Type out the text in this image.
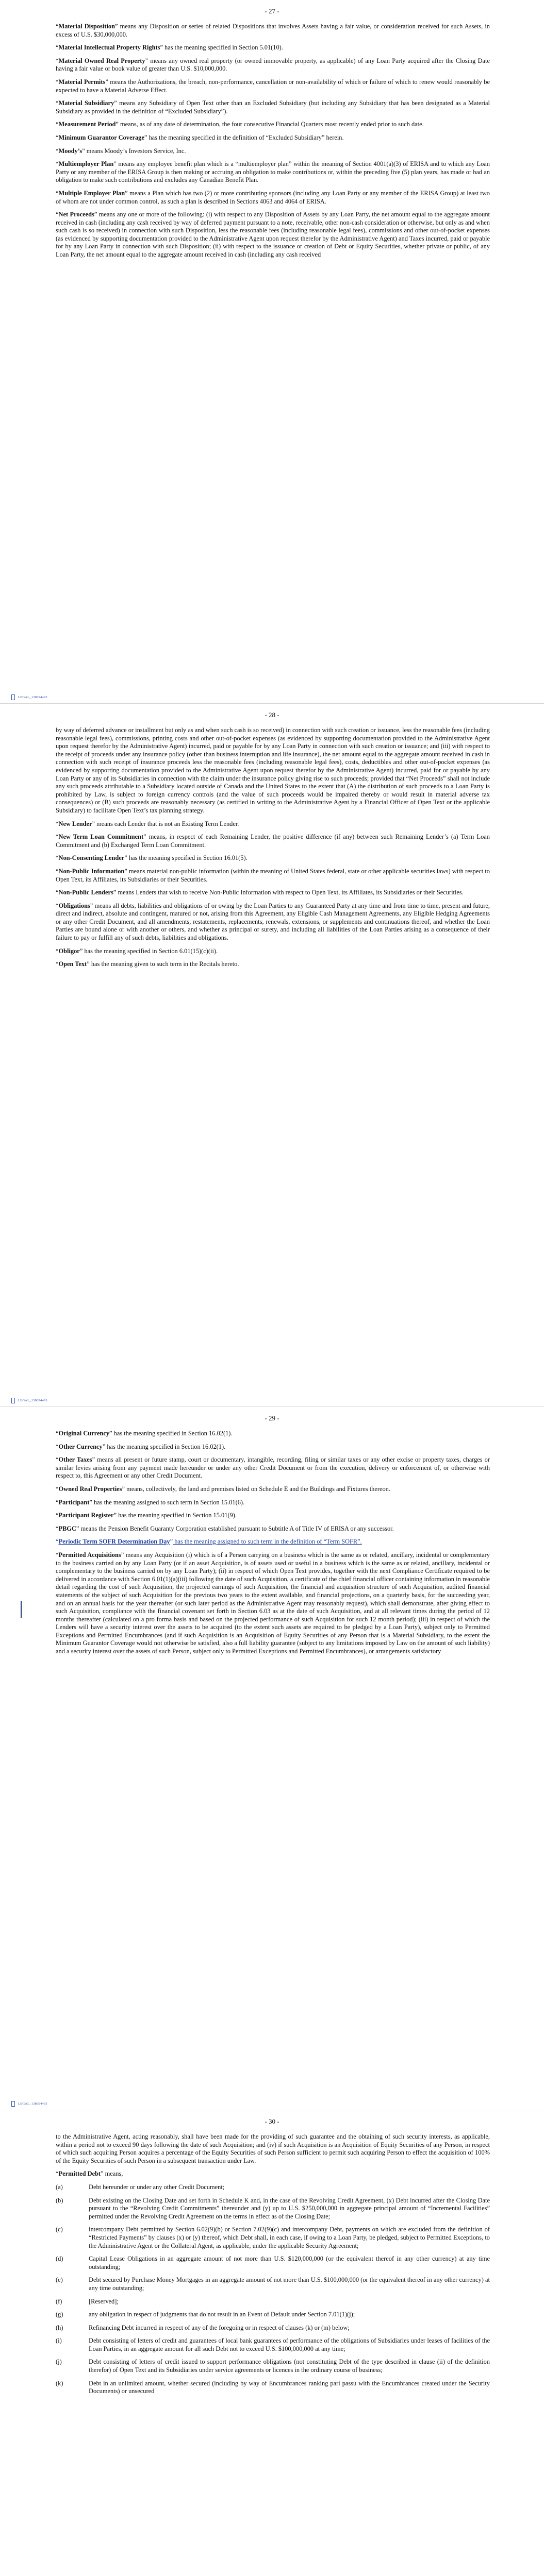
- 27 -

“Material Disposition” means any Disposition or series of related Dispositions that involves Assets having a fair value, or consideration received for such Assets, in excess of U.S. $30,000,000.

“Material Intellectual Property Rights” has the meaning specified in Section 5.01(10).

“Material Owned Real Property” means any owned real property (or owned immovable property, as applicable) of any Loan Party acquired after the Closing Date having a fair value or book value of greater than U.S. $10,000,000.

“Material Permits” means the Authorizations, the breach, non-performance, cancellation or non-availability of which or failure of which to renew would reasonably be expected to have a Material Adverse Effect.

“Material Subsidiary” means any Subsidiary of Open Text other than an Excluded Subsidiary (but including any Subsidiary that has been designated as a Material Subsidiary as provided in the definition of “Excluded Subsidiary”).

“Measurement Period” means, as of any date of determination, the four consecutive Financial Quarters most recently ended prior to such date.

“Minimum Guarantor Coverage” has the meaning specified in the definition of “Excluded Subsidiary” herein.

“Moody’s” means Moody’s Investors Service, Inc.

“Multiemployer Plan” means any employee benefit plan which is a “multiemployer plan” within the meaning of Section 4001(a)(3) of ERISA and to which any Loan Party or any member of the ERISA Group is then making or accruing an obligation to make contributions or, within the preceding five (5) plan years, has made or had an obligation to make such contributions and excludes any Canadian Benefit Plan.

“Multiple Employer Plan” means a Plan which has two (2) or more contributing sponsors (including any Loan Party or any member of the ERISA Group) at least two of whom are not under common control, as such a plan is described in Sections 4063 and 4064 of ERISA.

“Net Proceeds” means any one or more of the following: (i) with respect to any Disposition of Assets by any Loan Party, the net amount equal to the aggregate amount received in cash (including any cash received by way of deferred payment pursuant to a note, receivable, other non-cash consideration or otherwise, but only as and when such cash is so received) in connection with such Disposition, less the reasonable fees (including reasonable legal fees), commissions and other out-of-pocket expenses (as evidenced by supporting documentation provided to the Administrative Agent upon request therefor by the Administrative Agent) and Taxes incurred, paid or payable for by any Loan Party in connection with such Disposition; (ii) with respect to the issuance or creation of Debt or Equity Securities, whether private or public, of any Loan Party, the net amount equal to the aggregate amount received in cash (including any cash received

LEGAL_138694493
- 28 -

by way of deferred advance or installment but only as and when such cash is so received) in connection with such creation or issuance, less the reasonable fees (including reasonable legal fees), commissions, printing costs and other out-of-pocket expenses (as evidenced by supporting documentation provided to the Administrative Agent upon request therefor by the Administrative Agent) incurred, paid or payable for by any Loan Party in connection with such creation or issuance; and (iii) with respect to the receipt of proceeds under any insurance policy (other than business interruption and life insurance), the net amount equal to the aggregate amount received in cash in connection with such receipt of insurance proceeds less the reasonable fees (including reasonable legal fees), costs, deductibles and other out-of-pocket expenses (as evidenced by supporting documentation provided to the Administrative Agent upon request therefor by the Administrative Agent) incurred, paid for or payable by any Loan Party or any of its Subsidiaries in connection with the claim under the insurance policy giving rise to such proceeds; provided that “Net Proceeds” shall not include any such proceeds attributable to a Subsidiary located outside of Canada and the United States to the extent that (A) the distribution of such proceeds to a Loan Party is prohibited by Law, is subject to foreign currency controls (and the value of such proceeds would be impaired thereby or would result in material adverse tax consequences) or (B) such proceeds are reasonably necessary (as certified in writing to the Administrative Agent by a Financial Officer of Open Text or the applicable Subsidiary) to facilitate Open Text’s tax planning strategy.

“New Lender” means each Lender that is not an Existing Term Lender.

“New Term Loan Commitment” means, in respect of each Remaining Lender, the positive difference (if any) between such Remaining Lender’s (a) Term Loan Commitment and (b) Exchanged Term Loan Commitment.

“Non-Consenting Lender” has the meaning specified in Section 16.01(5).

“Non-Public Information” means material non-public information (within the meaning of United States federal, state or other applicable securities laws) with respect to Open Text, its Affiliates, its Subsidiaries or their Securities.

“Non-Public Lenders” means Lenders that wish to receive Non-Public Information with respect to Open Text, its Affiliates, its Subsidiaries or their Securities.

“Obligations” means all debts, liabilities and obligations of or owing by the Loan Parties to any Guaranteed Party at any time and from time to time, present and future, direct and indirect, absolute and contingent, matured or not, arising from this Agreement, any Eligible Cash Management Agreements, any Eligible Hedging Agreements or any other Credit Document, and all amendments, restatements, replacements, renewals, extensions, or supplements and continuations thereof, and whether the Loan Parties are bound alone or with another or others, and whether as principal or surety, and including all liabilities of the Loan Parties arising as a consequence of their failure to pay or fulfill any of such debts, liabilities and obligations.

“Obligor” has the meaning specified in Section 6.01(15)(c)(ii).

“Open Text” has the meaning given to such term in the Recitals hereto.

LEGAL_138694493
- 29 -

“Original Currency” has the meaning specified in Section 16.02(1).

“Other Currency” has the meaning specified in Section 16.02(1).

“Other Taxes” means all present or future stamp, court or documentary, intangible, recording, filing or similar taxes or any other excise or property taxes, charges or similar levies arising from any payment made hereunder or under any other Credit Document or from the execution, delivery or enforcement of, or otherwise with respect to, this Agreement or any other Credit Document.

“Owned Real Properties” means, collectively, the land and premises listed on Schedule E and the Buildings and Fixtures thereon.

“Participant” has the meaning assigned to such term in Section 15.01(6).

“Participant Register” has the meaning specified in Section 15.01(9).

“PBGC” means the Pension Benefit Guaranty Corporation established pursuant to Subtitle A of Title IV of ERISA or any successor.

“Periodic Term SOFR Determination Day” has the meaning assigned to such term in the definition of “Term SOFR”.

“Permitted Acquisitions” means any Acquisition (i) which is of a Person carrying on a business which is the same as or related, ancillary, incidental or complementary to the business carried on by any Loan Party (or if an asset Acquisition, is of assets used or useful in a business which is the same as or related, ancillary, incidental or complementary to the business carried on by any Loan Party); (ii) in respect of which Open Text provides, together with the next Compliance Certificate required to be delivered in accordance with Section 6.01(1)(a)(iii) following the date of such Acquisition, a certificate of the chief financial officer containing information in reasonable detail regarding the cost of such Acquisition, the projected earnings of such Acquisition, the financial and acquisition structure of such Acquisition, audited financial statements of the subject of such Acquisition for the previous two years to the extent available, and financial projections, on a quarterly basis, for the succeeding year, and on an annual basis for the year thereafter (or such later period as the Administrative Agent may reasonably request), which shall demonstrate, after giving effect to such Acquisition, compliance with the financial covenant set forth in Section 6.03 as at the date of such Acquisition, and at all relevant times during the period of 12 months thereafter (calculated on a pro forma basis and based on the projected performance of such Acquisition for such 12 month period); (iii) in respect of which the Lenders will have a security interest over the assets to be acquired (to the extent such assets are required to be pledged by a Loan Party), subject only to Permitted Exceptions and Permitted Encumbrances (and if such Acquisition is an Acquisition of Equity Securities of any Person that is a Material Subsidiary, to the extent the Minimum Guarantor Coverage would not otherwise be satisfied, also a full liability guarantee (subject to any limitations imposed by Law on the amount of such liability) and a security interest over the assets of such Person, subject only to Permitted Exceptions and Permitted Encumbrances), or arrangements satisfactory

LEGAL_138694493
- 30 -

to the Administrative Agent, acting reasonably, shall have been made for the providing of such guarantee and the obtaining of such security interests, as applicable, within a period not to exceed 90 days following the date of such Acquisition; and (iv) if such Acquisition is an Acquisition of Equity Securities of any Person, in respect of which such acquiring Person acquires a percentage of the Equity Securities of such Person sufficient to permit such acquiring Person to effect the acquisition of 100% of the Equity Securities of such Person in a subsequent transaction under Law.

“Permitted Debt” means,

(a)	Debt hereunder or under any other Credit Document;
(b)	Debt existing on the Closing Date and set forth in Schedule K and, in the case of the Revolving Credit Agreement, (x) Debt incurred after the Closing Date pursuant to the “Revolving Credit Commitments” thereunder and (y) up to U.S. $250,000,000 in aggregate principal amount of “Incremental Facilities” permitted under the Revolving Credit Agreement on the terms in effect as of the Closing Date;
(c)	intercompany Debt permitted by Section 6.02(9)(b) or Section 7.02(9)(c) and intercompany Debt, payments on which are excluded from the definition of “Restricted Payments” by clauses (x) or (y) thereof, which Debt shall, in each case, if owing to a Loan Party, be pledged, subject to Permitted Exceptions, to the Administrative Agent or the Collateral Agent, as applicable, under the applicable Security Agreement;
(d)	Capital Lease Obligations in an aggregate amount of not more than U.S. $120,000,000 (or the equivalent thereof in any other currency) at any time outstanding;
(e)	Debt secured by Purchase Money Mortgages in an aggregate amount of not more than U.S. $100,000,000 (or the equivalent thereof in any other currency) at any time outstanding;
(f)	[Reserved];
(g)	any obligation in respect of judgments that do not result in an Event of Default under Section 7.01(1)(j);
(h)	Refinancing Debt incurred in respect of any of the foregoing or in respect of clauses (k) or (m) below;
(i)	Debt consisting of letters of credit and guarantees of local bank guarantees of performance of the obligations of Subsidiaries under leases of facilities of the Loan Parties, in an aggregate amount for all such Debt not to exceed U.S. $100,000,000 at any time;
(j)	Debt consisting of letters of credit issued to support performance obligations (not constituting Debt of the type described in clause (ii) of the definition therefor) of Open Text and its Subsidiaries under service agreements or licences in the ordinary course of business;
(k)	Debt in an unlimited amount, whether secured (including by way of Encumbrances ranking pari passu with the Encumbrances created under the Security Documents) or unsecured
